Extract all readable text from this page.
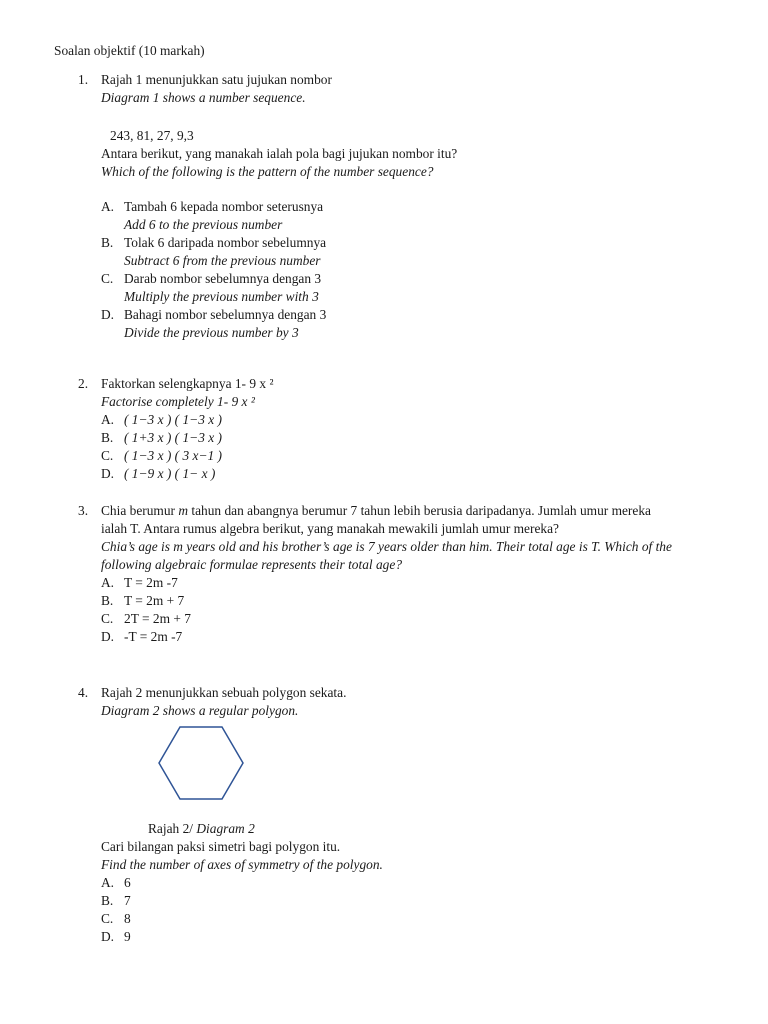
Soalan objektif (10 markah)
1. Rajah 1 menunjukkan satu jujukan nombor
Diagram 1 shows a number sequence.
243, 81, 27, 9,3
Antara berikut, yang manakah ialah pola bagi jujukan nombor itu?
Which of the following is the pattern of the number sequence?
A. Tambah 6 kepada nombor seterusnya
Add 6 to the previous number
B. Tolak 6 daripada nombor sebelumnya
Subtract 6 from the previous number
C. Darab nombor sebelumnya dengan 3
Multiply the previous number with 3
D. Bahagi nombor sebelumnya dengan 3
Divide the previous number by 3
2. Faktorkan selengkapnya 1- 9 x ²
Factorise completely 1- 9 x ²
A. ( 1−3 x ) ( 1−3 x )
B. ( 1+3 x ) ( 1−3 x )
C. ( 1−3 x ) ( 3 x−1 )
D. ( 1−9 x ) ( 1− x )
3. Chia berumur m tahun dan abangnya berumur 7 tahun lebih berusia daripadanya. Jumlah umur mereka ialah T. Antara rumus algebra berikut, yang manakah mewakili jumlah umur mereka?
Chia’s age is m years old and his brother’s age is 7 years older than him. Their total age is T. Which of the following algebraic formulae represents their total age?
A. T = 2m -7
B. T = 2m + 7
C. 2T = 2m + 7
D. -T = 2m -7
4. Rajah 2 menunjukkan sebuah polygon sekata.
Diagram 2 shows a regular polygon.
Rajah 2/ Diagram 2
Cari bilangan paksi simetri bagi polygon itu.
Find the number of axes of symmetry of the polygon.
A. 6
B. 7
C. 8
D. 9
